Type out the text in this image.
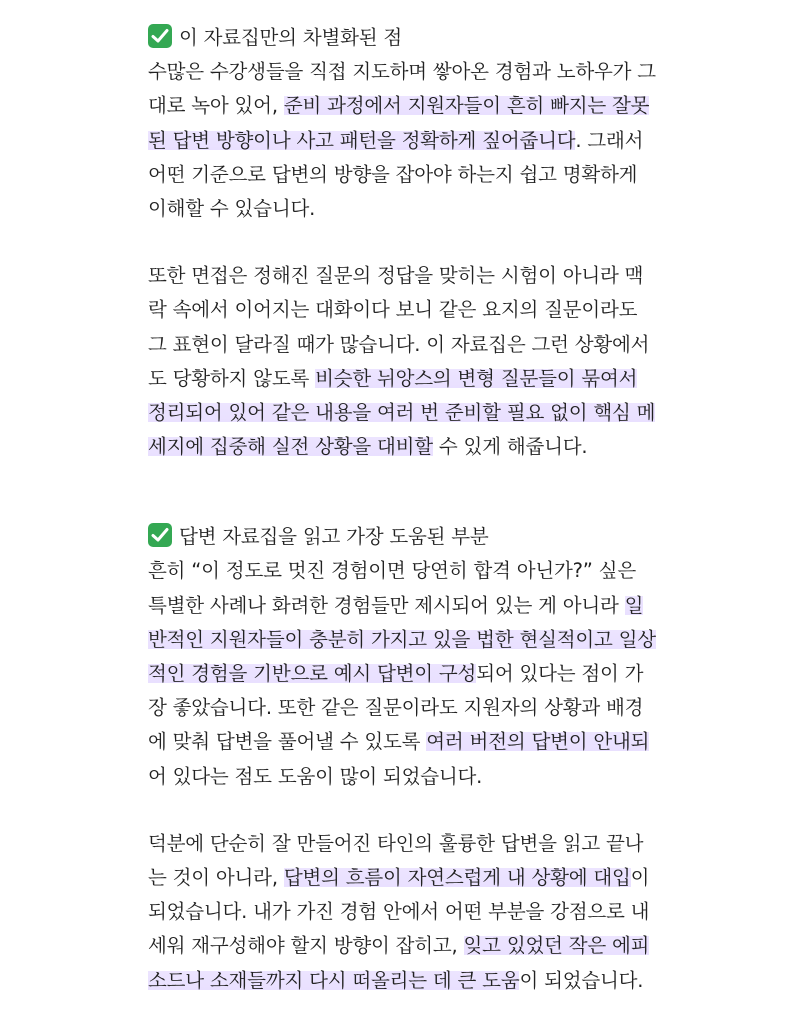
이 자료집만의 차별화된 점
수많은 수강생들을 직접 지도하며 쌓아온 경험과 노하우가 그
대로 녹아 있어, 준비 과정에서 지원자들이 흔히 빠지는 잘못
된 답변 방향이나 사고 패턴을 정확하게 짚어줍니다. 그래서
어떤 기준으로 답변의 방향을 잡아야 하는지 쉽고 명확하게
이해할 수 있습니다.
또한 면접은 정해진 질문의 정답을 맞히는 시험이 아니라 맥
락 속에서 이어지는 대화이다 보니 같은 요지의 질문이라도
그 표현이 달라질 때가 많습니다. 이 자료집은 그런 상황에서
도 당황하지 않도록 비슷한 뉘앙스의 변형 질문들이 묶여서
정리되어 있어 같은 내용을 여러 번 준비할 필요 없이 핵심 메
세지에 집중해 실전 상황을 대비할 수 있게 해줍니다.
답변 자료집을 읽고 가장 도움된 부분
흔히 “이 정도로 멋진 경험이면 당연히 합격 아닌가?” 싶은
특별한 사례나 화려한 경험들만 제시되어 있는 게 아니라 일
반적인 지원자들이 충분히 가지고 있을 법한 현실적이고 일상
적인 경험을 기반으로 예시 답변이 구성되어 있다는 점이 가
장 좋았습니다. 또한 같은 질문이라도 지원자의 상황과 배경
에 맞춰 답변을 풀어낼 수 있도록 여러 버전의 답변이 안내되
어 있다는 점도 도움이 많이 되었습니다.
덕분에 단순히 잘 만들어진 타인의 훌륭한 답변을 읽고 끝나
는 것이 아니라, 답변의 흐름이 자연스럽게 내 상황에 대입이
되었습니다. 내가 가진 경험 안에서 어떤 부분을 강점으로 내
세워 재구성해야 할지 방향이 잡히고, 잊고 있었던 작은 에피
소드나 소재들까지 다시 떠올리는 데 큰 도움이 되었습니다.
